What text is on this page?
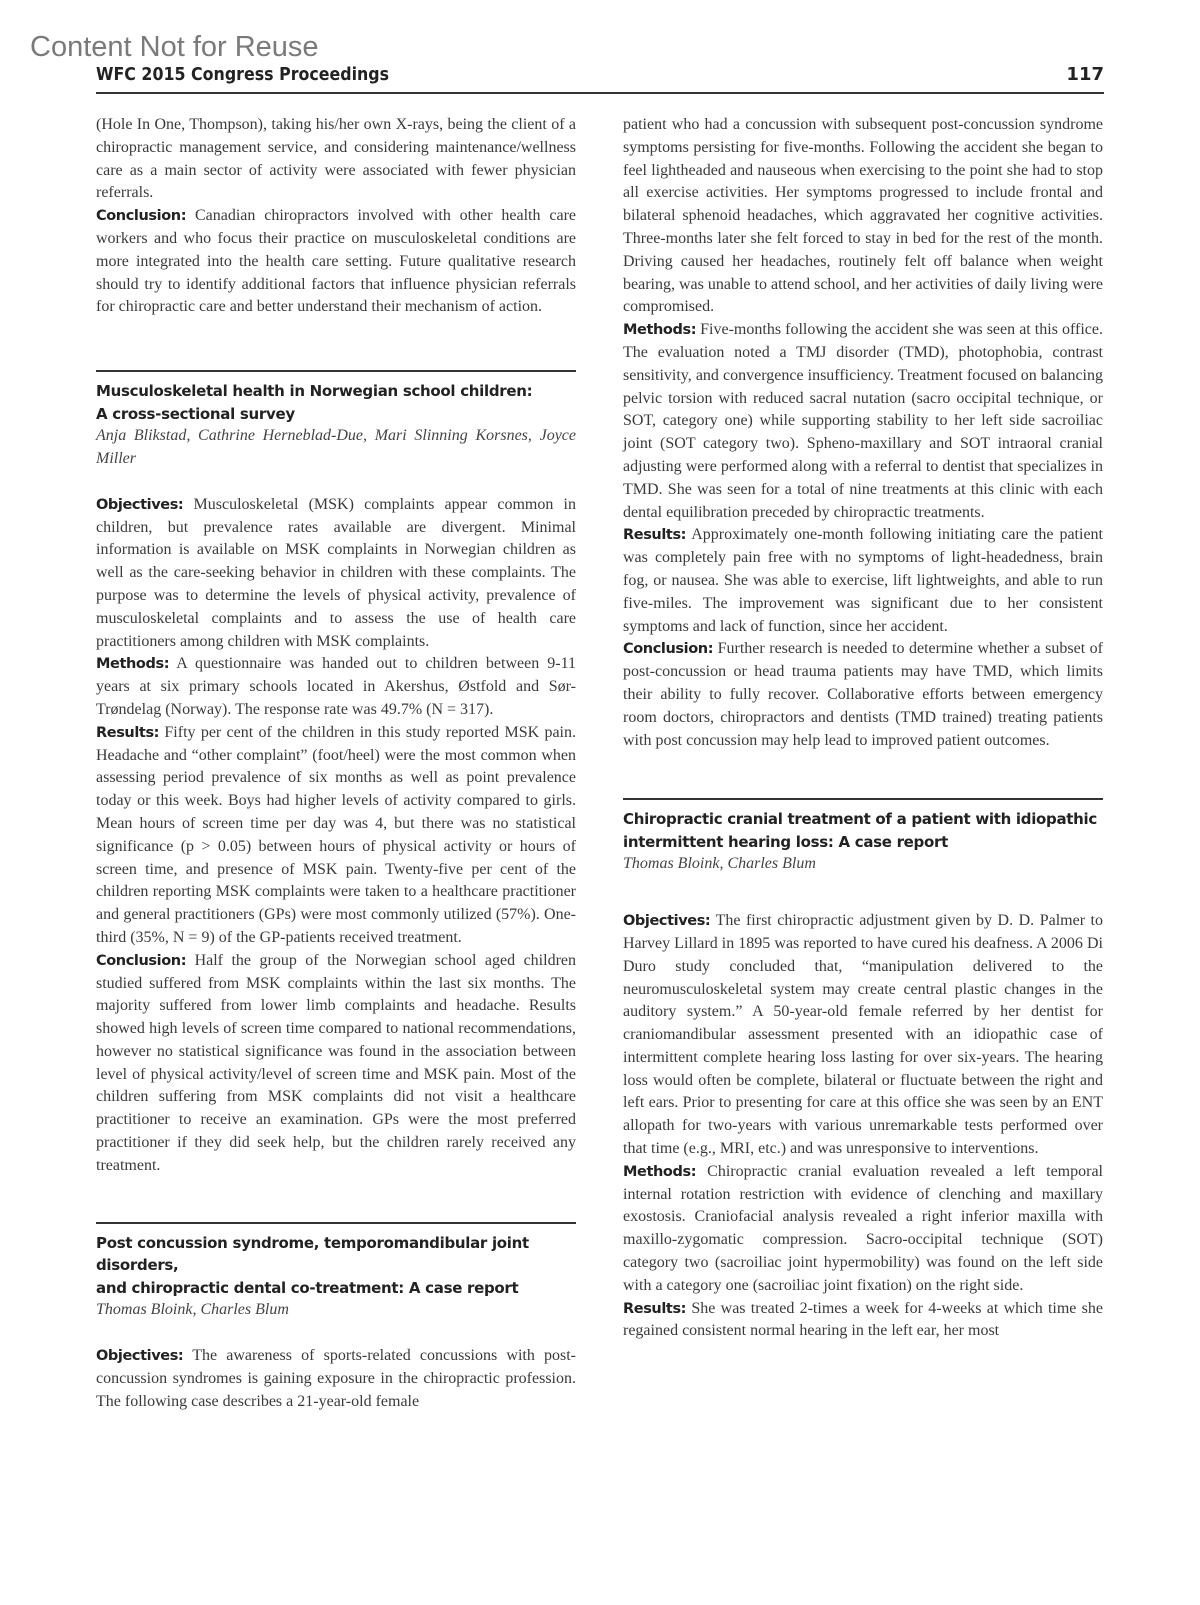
Content Not for Reuse
WFC 2015 Congress Proceedings	117

(Hole In One, Thompson), taking his/her own X-rays, being the client of a chiropractic management service, and considering maintenance/wellness care as a main sector of activity were associated with fewer physician referrals.

Conclusion: Canadian chiropractors involved with other health care workers and who focus their practice on musculoskeletal conditions are more integrated into the health care setting. Future qualitative research should try to identify additional factors that influence physician referrals for chiropractic care and better understand their mechanism of action.

Musculoskeletal health in Norwegian school children:
A cross-sectional survey

Anja Blikstad, Cathrine Herneblad-Due, Mari Slinning Korsnes, Joyce Miller

Objectives: Musculoskeletal (MSK) complaints appear common in children, but prevalence rates available are divergent. Minimal information is available on MSK complaints in Norwegian children as well as the care-seeking behavior in children with these complaints. The purpose was to determine the levels of physical activity, prevalence of musculoskeletal complaints and to assess the use of health care practitioners among children with MSK complaints.

Methods: A questionnaire was handed out to children between 9-11 years at six primary schools located in Akershus, Østfold and Sør-Trøndelag (Norway). The response rate was 49.7% (N = 317).

Results: Fifty per cent of the children in this study reported MSK pain. Headache and “other complaint” (foot/heel) were the most common when assessing period prevalence of six months as well as point prevalence today or this week. Boys had higher levels of activity compared to girls. Mean hours of screen time per day was 4, but there was no statistical significance (p > 0.05) between hours of physical activity or hours of screen time, and presence of MSK pain. Twenty-five per cent of the children reporting MSK complaints were taken to a healthcare practitioner and general practitioners (GPs) were most commonly utilized (57%). One-third (35%, N = 9) of the GP-patients received treatment.

Conclusion: Half the group of the Norwegian school aged children studied suffered from MSK complaints within the last six months. The majority suffered from lower limb complaints and headache. Results showed high levels of screen time compared to national recommendations, however no statistical significance was found in the association between level of physical activity/level of screen time and MSK pain. Most of the children suffering from MSK complaints did not visit a healthcare practitioner to receive an examination. GPs were the most preferred practitioner if they did seek help, but the children rarely received any treatment.

Post concussion syndrome, temporomandibular joint disorders,
and chiropractic dental co-treatment: A case report

Thomas Bloink, Charles Blum

Objectives: The awareness of sports-related concussions with post-concussion syndromes is gaining exposure in the chiropractic profession. The following case describes a 21-year-old female

patient who had a concussion with subsequent post-concussion syndrome symptoms persisting for five-months. Following the accident she began to feel lightheaded and nauseous when exercising to the point she had to stop all exercise activities. Her symptoms progressed to include frontal and bilateral sphenoid headaches, which aggravated her cognitive activities. Three-months later she felt forced to stay in bed for the rest of the month. Driving caused her headaches, routinely felt off balance when weight bearing, was unable to attend school, and her activities of daily living were compromised.

Methods: Five-months following the accident she was seen at this office. The evaluation noted a TMJ disorder (TMD), photophobia, contrast sensitivity, and convergence insufficiency. Treatment focused on balancing pelvic torsion with reduced sacral nutation (sacro occipital technique, or SOT, category one) while supporting stability to her left side sacroiliac joint (SOT category two). Spheno-maxillary and SOT intraoral cranial adjusting were performed along with a referral to dentist that specializes in TMD. She was seen for a total of nine treatments at this clinic with each dental equilibration preceded by chiropractic treatments.

Results: Approximately one-month following initiating care the patient was completely pain free with no symptoms of light-headedness, brain fog, or nausea. She was able to exercise, lift lightweights, and able to run five-miles. The improvement was significant due to her consistent symptoms and lack of function, since her accident.

Conclusion: Further research is needed to determine whether a subset of post-concussion or head trauma patients may have TMD, which limits their ability to fully recover. Collaborative efforts between emergency room doctors, chiropractors and dentists (TMD trained) treating patients with post concussion may help lead to improved patient outcomes.

Chiropractic cranial treatment of a patient with idiopathic
intermittent hearing loss: A case report

Thomas Bloink, Charles Blum

Objectives: The first chiropractic adjustment given by D. D. Palmer to Harvey Lillard in 1895 was reported to have cured his deafness. A 2006 Di Duro study concluded that, “manipulation delivered to the neuromusculoskeletal system may create central plastic changes in the auditory system.” A 50-year-old female referred by her dentist for craniomandibular assessment presented with an idiopathic case of intermittent complete hearing loss lasting for over six-years. The hearing loss would often be complete, bilateral or fluctuate between the right and left ears. Prior to presenting for care at this office she was seen by an ENT allopath for two-years with various unremarkable tests performed over that time (e.g., MRI, etc.) and was unresponsive to interventions.

Methods: Chiropractic cranial evaluation revealed a left temporal internal rotation restriction with evidence of clenching and maxillary exostosis. Craniofacial analysis revealed a right inferior maxilla with maxillo-zygomatic compression. Sacro-occipital technique (SOT) category two (sacroiliac joint hypermobility) was found on the left side with a category one (sacroiliac joint fixation) on the right side.

Results: She was treated 2-times a week for 4-weeks at which time she regained consistent normal hearing in the left ear, her most
